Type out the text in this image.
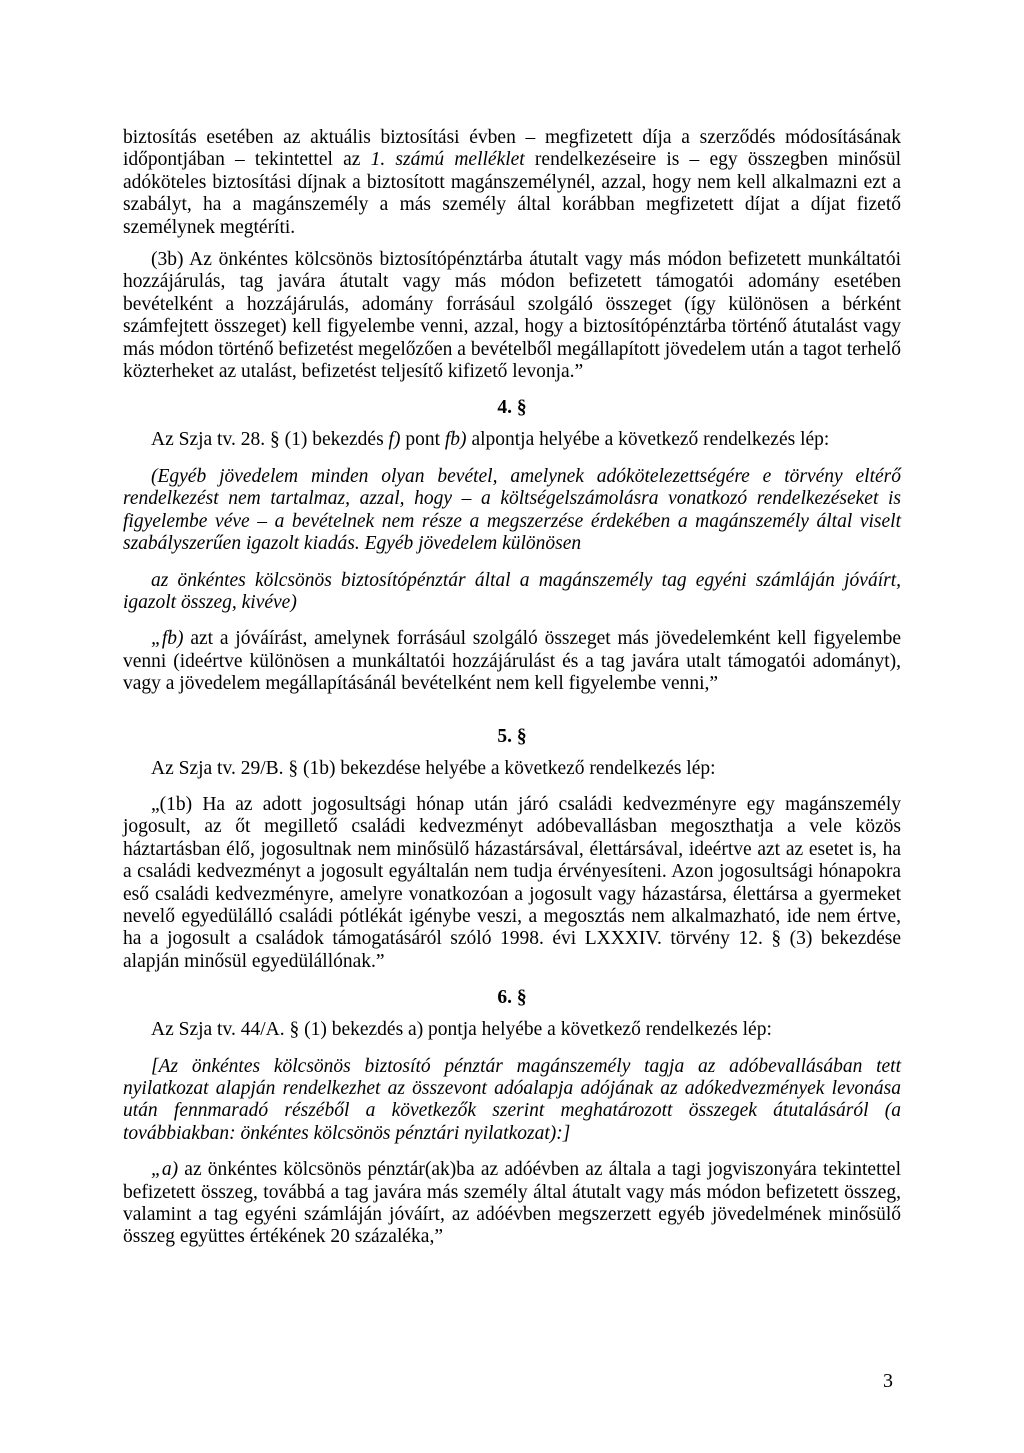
biztosítás esetében az aktuális biztosítási évben – megfizetett díja a szerződés módosításának időpontjában – tekintettel az 1. számú melléklet rendelkezéseire is – egy összegben minősül adóköteles biztosítási díjnak a biztosított magánszemélynél, azzal, hogy nem kell alkalmazni ezt a szabályt, ha a magánszemély a más személy által korábban megfizetett díjat a díjat fizető személynek megtéríti.

(3b) Az önkéntes kölcsönös biztosítópénztárba átutalt vagy más módon befizetett munkáltatói hozzájárulás, tag javára átutalt vagy más módon befizetett támogatói adomány esetében bevételként a hozzájárulás, adomány forrásául szolgáló összeget (így különösen a bérként számfejtett összeget) kell figyelembe venni, azzal, hogy a biztosítópénztárba történő átutalást vagy más módon történő befizetést megelőzően a bevételből megállapított jövedelem után a tagot terhelő közterheket az utalást, befizetést teljesítő kifizető levonja.”

4. §

Az Szja tv. 28. § (1) bekezdés f) pont fb) alpontja helyébe a következő rendelkezés lép:

(Egyéb jövedelem minden olyan bevétel, amelynek adókötelezettségére e törvény eltérő rendelkezést nem tartalmaz, azzal, hogy – a költségelszámolásra vonatkozó rendelkezéseket is figyelembe véve – a bevételnek nem része a megszerzése érdekében a magánszemély által viselt szabályszerűen igazolt kiadás. Egyéb jövedelem különösen

az önkéntes kölcsönös biztosítópénztár által a magánszemély tag egyéni számláján jóváírt, igazolt összeg, kivéve)

„fb) azt a jóváírást, amelynek forrásául szolgáló összeget más jövedelemként kell figyelembe venni (ideértve különösen a munkáltatói hozzájárulást és a tag javára utalt támogatói adományt), vagy a jövedelem megállapításánál bevételként nem kell figyelembe venni,”

5. §

Az Szja tv. 29/B. § (1b) bekezdése helyébe a következő rendelkezés lép:

„(1b) Ha az adott jogosultsági hónap után járó családi kedvezményre egy magánszemély jogosult, az őt megillető családi kedvezményt adóbevallásban megoszthatja a vele közös háztartásban élő, jogosultnak nem minősülő házastársával, élettársával, ideértve azt az esetet is, ha a családi kedvezményt a jogosult egyáltalán nem tudja érvényesíteni. Azon jogosultsági hónapokra eső családi kedvezményre, amelyre vonatkozóan a jogosult vagy házastársa, élettársa a gyermeket nevelő egyedülálló családi pótlékát igénybe veszi, a megosztás nem alkalmazható, ide nem értve, ha a jogosult a családok támogatásáról szóló 1998. évi LXXXIV. törvény 12. § (3) bekezdése alapján minősül egyedülállónak.”

6. §

Az Szja tv. 44/A. § (1) bekezdés a) pontja helyébe a következő rendelkezés lép:

[Az önkéntes kölcsönös biztosító pénztár magánszemély tagja az adóbevallásában tett nyilatkozat alapján rendelkezhet az összevont adóalapja adójának az adókedvezmények levonása után fennmaradó részéből a következők szerint meghatározott összegek átutalásáról (a továbbiakban: önkéntes kölcsönös pénztári nyilatkozat):]

„a) az önkéntes kölcsönös pénztár(ak)ba az adóévben az általa a tagi jogviszonyára tekintettel befizetett összeg, továbbá a tag javára más személy által átutalt vagy más módon befizetett összeg, valamint a tag egyéni számláján jóváírt, az adóévben megszerzett egyéb jövedelmének minősülő összeg együttes értékének 20 százaléka,”

3
